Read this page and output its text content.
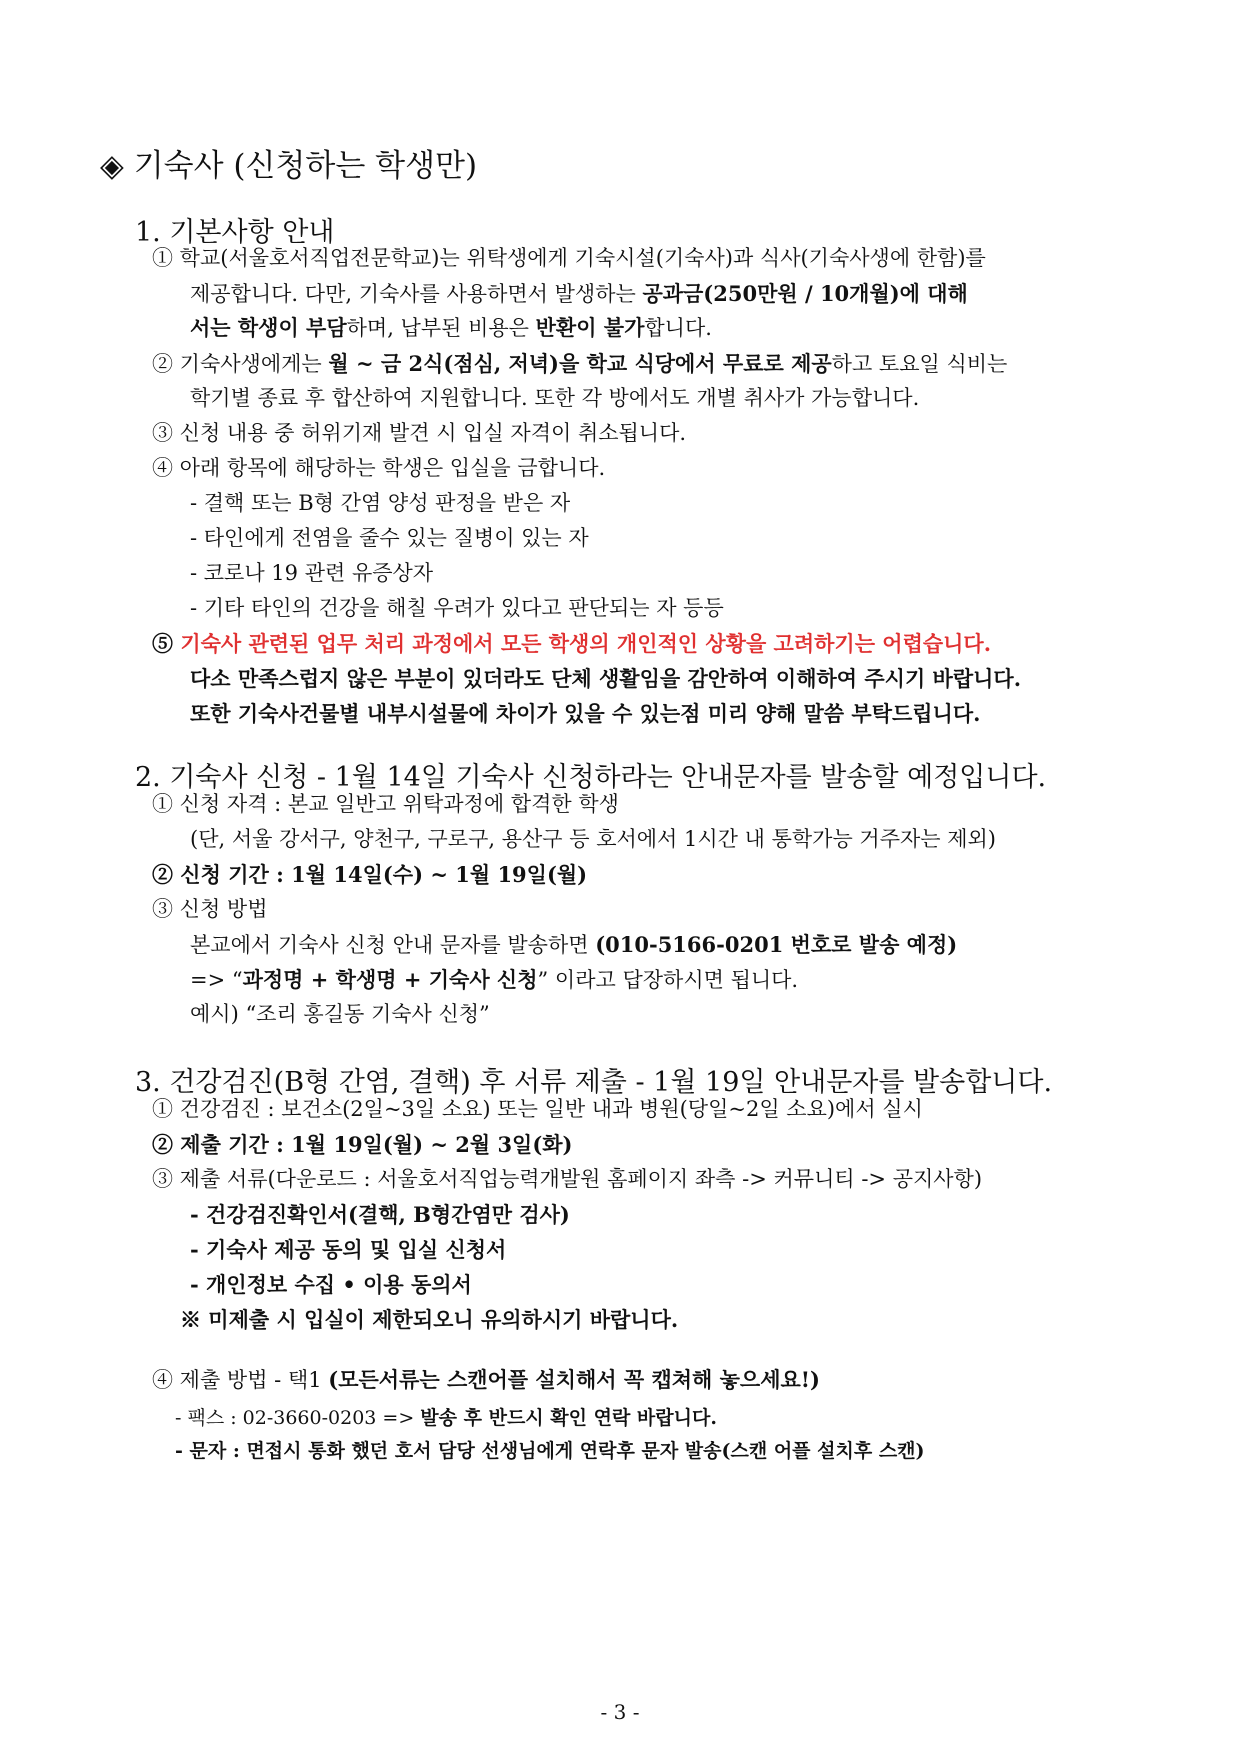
◈ 기숙사 (신청하는 학생만)
1. 기본사항 안내
① 학교(서울호서직업전문학교)는 위탁생에게 기숙시설(기숙사)과 식사(기숙사생에 한함)를
제공합니다. 다만, 기숙사를 사용하면서 발생하는 공과금(250만원 / 10개월)에 대해
서는 학생이 부담하며, 납부된 비용은 반환이 불가합니다.
② 기숙사생에게는 월 ~ 금 2식(점심, 저녁)을 학교 식당에서 무료로 제공하고 토요일 식비는
학기별 종료 후 합산하여 지원합니다. 또한 각 방에서도 개별 취사가 가능합니다.
③ 신청 내용 중 허위기재 발견 시 입실 자격이 취소됩니다.
④ 아래 항목에 해당하는 학생은 입실을 금합니다.
- 결핵 또는 B형 간염 양성 판정을 받은 자
- 타인에게 전염을 줄수 있는 질병이 있는 자
- 코로나 19 관련 유증상자
- 기타 타인의 건강을 해칠 우려가 있다고 판단되는 자 등등
⑤ 기숙사 관련된 업무 처리 과정에서 모든 학생의 개인적인 상황을 고려하기는 어렵습니다.
다소 만족스럽지 않은 부분이 있더라도 단체 생활임을 감안하여 이해하여 주시기 바랍니다.
또한 기숙사건물별 내부시설물에 차이가 있을 수 있는점 미리 양해 말씀 부탁드립니다.
2. 기숙사 신청 - 1월 14일 기숙사 신청하라는 안내문자를 발송할 예정입니다.
① 신청 자격 : 본교 일반고 위탁과정에 합격한 학생
(단, 서울 강서구, 양천구, 구로구, 용산구 등 호서에서 1시간 내 통학가능 거주자는 제외)
② 신청 기간 : 1월 14일(수) ~ 1월 19일(월)
③ 신청 방법
본교에서 기숙사 신청 안내 문자를 발송하면 (010-5166-0201 번호로 발송 예정)
=> “과정명 + 학생명 + 기숙사 신청” 이라고 답장하시면 됩니다.
예시) “조리 홍길동 기숙사 신청”
3. 건강검진(B형 간염, 결핵) 후 서류 제출 - 1월 19일 안내문자를 발송합니다.
① 건강검진 : 보건소(2일~3일 소요) 또는 일반 내과 병원(당일~2일 소요)에서 실시
② 제출 기간 : 1월 19일(월) ~ 2월 3일(화)
③ 제출 서류(다운로드 : 서울호서직업능력개발원 홈페이지 좌측 -> 커뮤니티 -> 공지사항)
- 건강검진확인서(결핵, B형간염만 검사)
- 기숙사 제공 동의 및 입실 신청서
- 개인정보 수집 • 이용 동의서
※ 미제출 시 입실이 제한되오니 유의하시기 바랍니다.
④ 제출 방법 - 택1 (모든서류는 스캔어플 설치해서 꼭 캡쳐해 놓으세요!)
- 팩스 : 02-3660-0203 => 발송 후 반드시 확인 연락 바랍니다.
- 문자 : 면접시 통화 했던 호서 담당 선생님에게 연락후 문자 발송(스캔 어플 설치후 스캔)
- 3 -
